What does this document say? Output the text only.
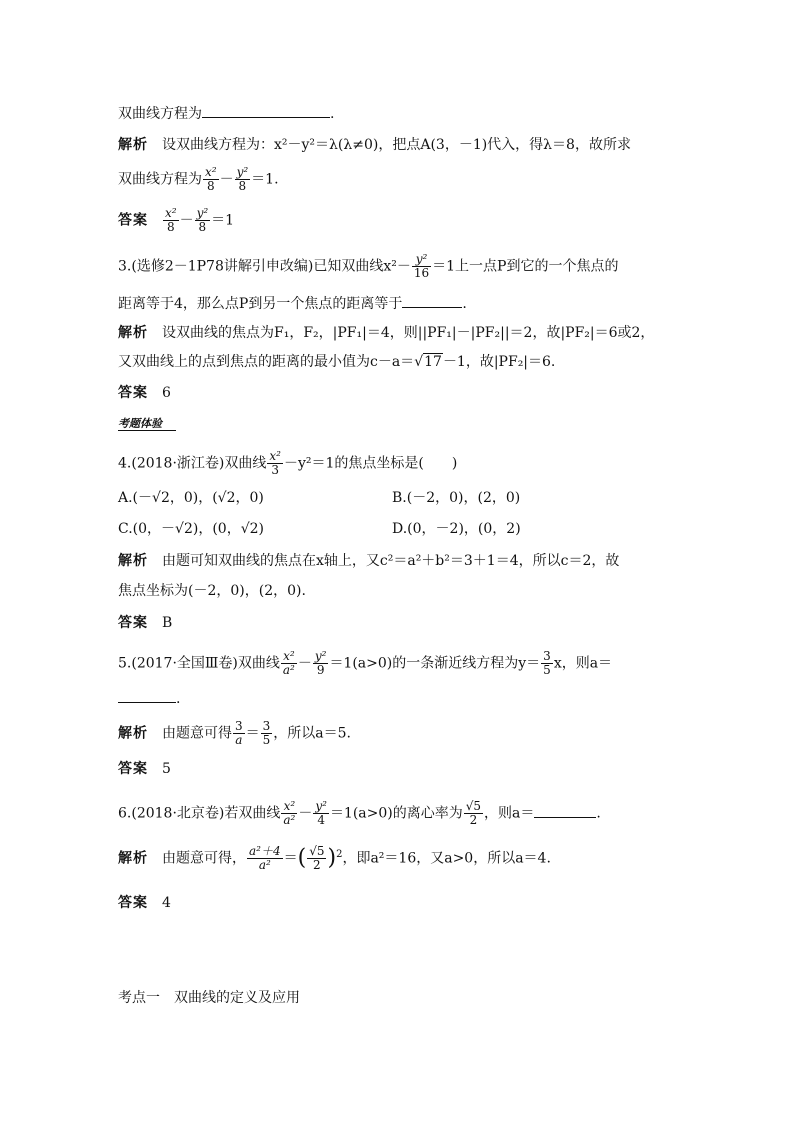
双曲线方程为	.
解析 设双曲线方程为：x²－y²＝λ(λ≠0)，把点A(3，－1)代入，得λ＝8，故所求
双曲线方程为 $\frac{\text{x²}}{8} - \frac{\text{y²}}{8} =1$.
答案 $\frac{\text{x²}}{8} - \frac{\text{y²}}{8} =1$
3.(选修2－1P78讲解引申改编)已知双曲线$x^2- \frac{\text{y²}}{16} =1$上一点P到它的一个焦点的
距离等于4，那么点P到另一个焦点的距离等于	.
解析 设双曲线的焦点为F₁，F₂，|PF₁|＝4，则||PF₁|－|PF₂||＝2，故|PF₂|＝6或2，
又双曲线上的点到焦点的距离的最小值为c－a＝√17－1，故|PF₂|＝6.
答案 6
考题体验
4.(2018·浙江卷)双曲线 $\frac{\text{x²}}{3} -y^2=1$的焦点坐标是(　　)
A.(－√2，0)，(√2，0)	B.(－2，0)，(2，0)
C.(0，－√2)，(0，√2)	D.(0，－2)，(0，2)
解析 由题可知双曲线的焦点在x轴上，又c²＝a²＋b²＝3＋1＝4，所以c＝2，故
焦点坐标为(－2，0)，(2，0).
答案 B
5.(2017·全国Ⅲ卷)双曲线 $\frac{\text{x²}}{\text{a²}} - \frac{\text{y²}}{9} =1(a>0)$的一条渐近线方程为$y= \frac{3}{5}$ x，则a＝
.
解析 由题意可得 $\frac{3}{a} = \frac{3}{5}$ ，所以a＝5.
答案 5
6.(2018·北京卷)若双曲线 $\frac{\text{x²}}{\text{a²}} - \frac{\text{y²}}{4} =1(a>0)$的离心率为 $\frac{√5}{2}$ ，则a＝	.
解析 由题意可得， $\frac{\text{a²＋4}}{\text{a²}}$ ＝( $\frac{√5}{2} )^2$，即a²＝16，又a>0，所以a＝4.
答案 4
考点一　双曲线的定义及应用
